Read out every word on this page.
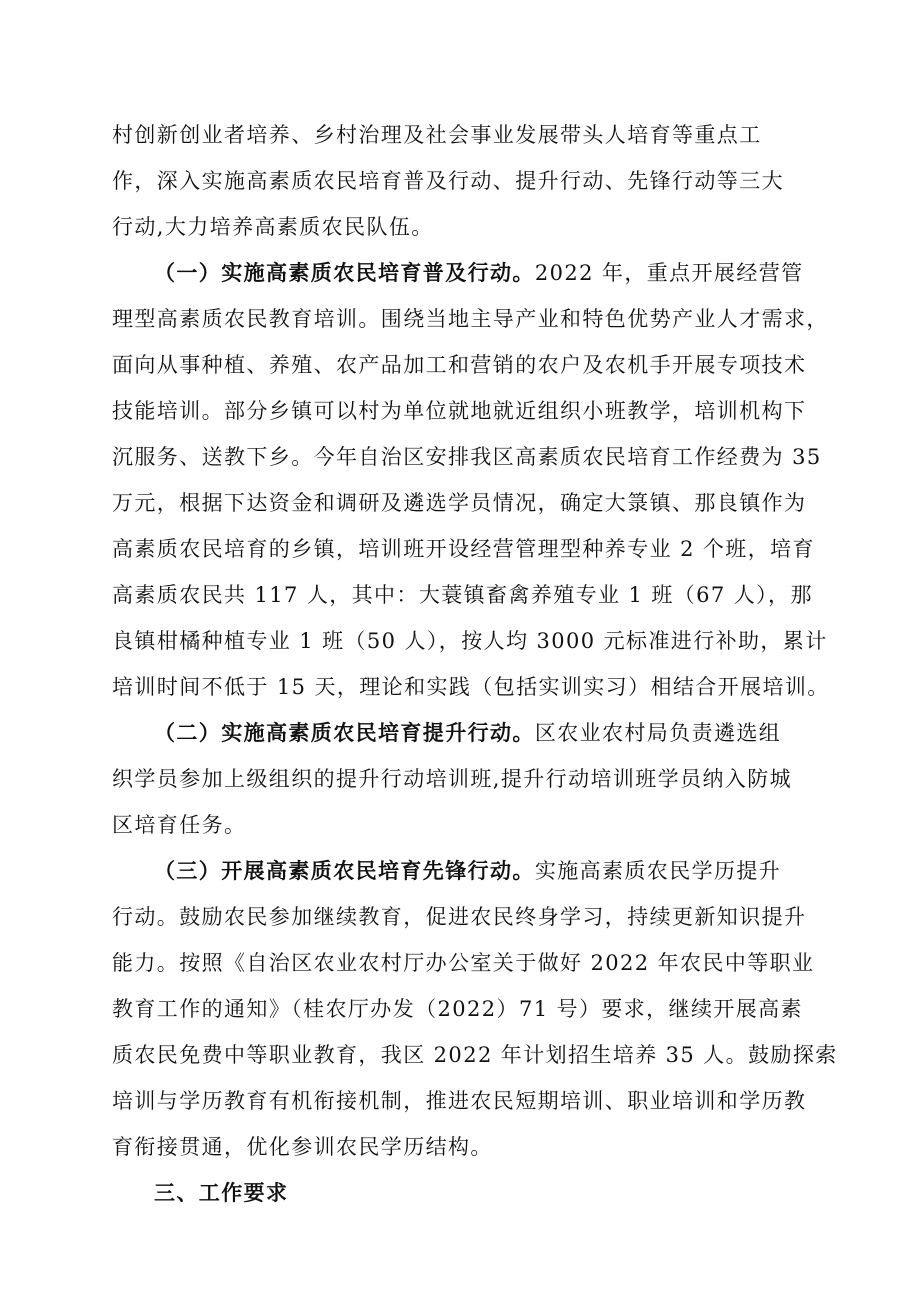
村创新创业者培养、乡村治理及社会事业发展带头人培育等重点工
作，深入实施高素质农民培育普及行动、提升行动、先锋行动等三大
行动,大力培养高素质农民队伍。
（一）实施高素质农民培育普及行动。2022 年，重点开展经营管
理型高素质农民教育培训。围绕当地主导产业和特色优势产业人才需求，
面向从事种植、养殖、农产品加工和营销的农户及农机手开展专项技术
技能培训。部分乡镇可以村为单位就地就近组织小班教学，培训机构下
沉服务、送教下乡。今年自治区安排我区高素质农民培育工作经费为 35
万元，根据下达资金和调研及遴选学员情况，确定大箓镇、那良镇作为
高素质农民培育的乡镇，培训班开设经营管理型种养专业 2 个班，培育
高素质农民共 117 人，其中：大蓑镇畜禽养殖专业 1 班（67 人），那
良镇柑橘种植专业 1 班（50 人），按人均 3000 元标准进行补助，累计
培训时间不低于 15 天，理论和实践（包括实训实习）相结合开展培训。
（二）实施高素质农民培育提升行动。区农业农村局负责遴选组
织学员参加上级组织的提升行动培训班,提升行动培训班学员纳入防城
区培育任务。
（三）开展高素质农民培育先锋行动。实施高素质农民学历提升
行动。鼓励农民参加继续教育，促进农民终身学习，持续更新知识提升
能力。按照《自治区农业农村厅办公室关于做好 2022 年农民中等职业
教育工作的通知》（桂农厅办发（2022）71 号）要求，继续开展高素
质农民免费中等职业教育，我区 2022 年计划招生培养 35 人。鼓励探索
培训与学历教育有机衔接机制，推进农民短期培训、职业培训和学历教
育衔接贯通，优化参训农民学历结构。
三、工作要求
